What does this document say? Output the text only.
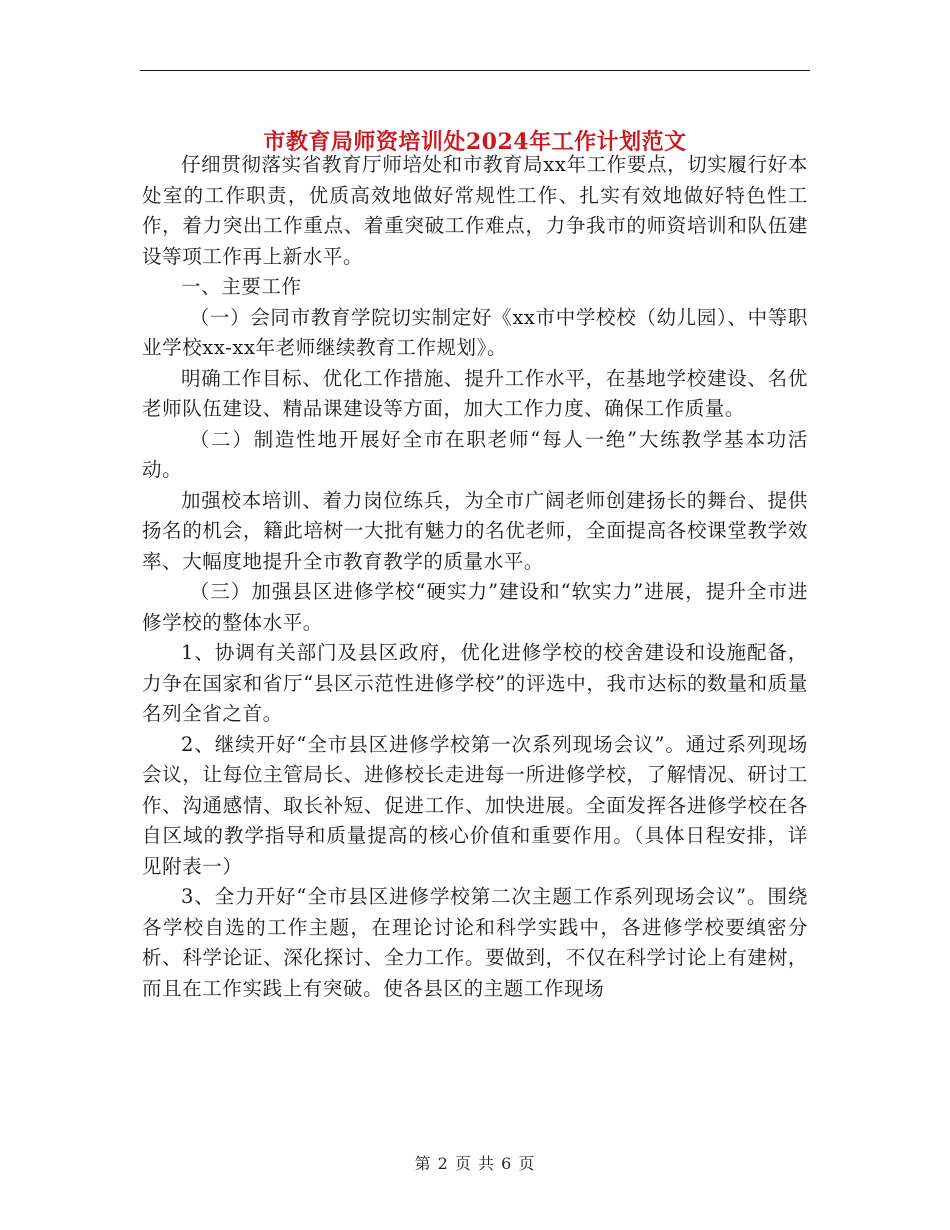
市教育局师资培训处2024年工作计划范文

仔细贯彻落实省教育厅师培处和市教育局xx年工作要点，切实履行好本处室的工作职责，优质高效地做好常规性工作、扎实有效地做好特色性工作，着力突出工作重点、着重突破工作难点，力争我市的师资培训和队伍建设等项工作再上新水平。

一、主要工作

（一）会同市教育学院切实制定好《xx市中学校校（幼儿园）、中等职业学校xx-xx年老师继续教育工作规划》。

明确工作目标、优化工作措施、提升工作水平，在基地学校建设、名优老师队伍建设、精品课建设等方面，加大工作力度、确保工作质量。

（二）制造性地开展好全市在职老师“每人一绝”大练教学基本功活动。

加强校本培训、着力岗位练兵，为全市广阔老师创建扬长的舞台、提供扬名的机会，籍此培树一大批有魅力的名优老师，全面提高各校课堂教学效率、大幅度地提升全市教育教学的质量水平。

（三）加强县区进修学校“硬实力”建设和“软实力”进展，提升全市进修学校的整体水平。

1、协调有关部门及县区政府，优化进修学校的校舍建设和设施配备，力争在国家和省厅“县区示范性进修学校”的评选中，我市达标的数量和质量名列全省之首。

2、继续开好“全市县区进修学校第一次系列现场会议”。通过系列现场会议，让每位主管局长、进修校长走进每一所进修学校，了解情况、研讨工作、沟通感情、取长补短、促进工作、加快进展。全面发挥各进修学校在各自区域的教学指导和质量提高的核心价值和重要作用。（具体日程安排，详见附表一）

3、全力开好“全市县区进修学校第二次主题工作系列现场会议”。围绕各学校自选的工作主题，在理论讨论和科学实践中，各进修学校要缜密分析、科学论证、深化探讨、全力工作。要做到，不仅在科学讨论上有建树，而且在工作实践上有突破。使各县区的主题工作现场

第 2 页 共 6 页
